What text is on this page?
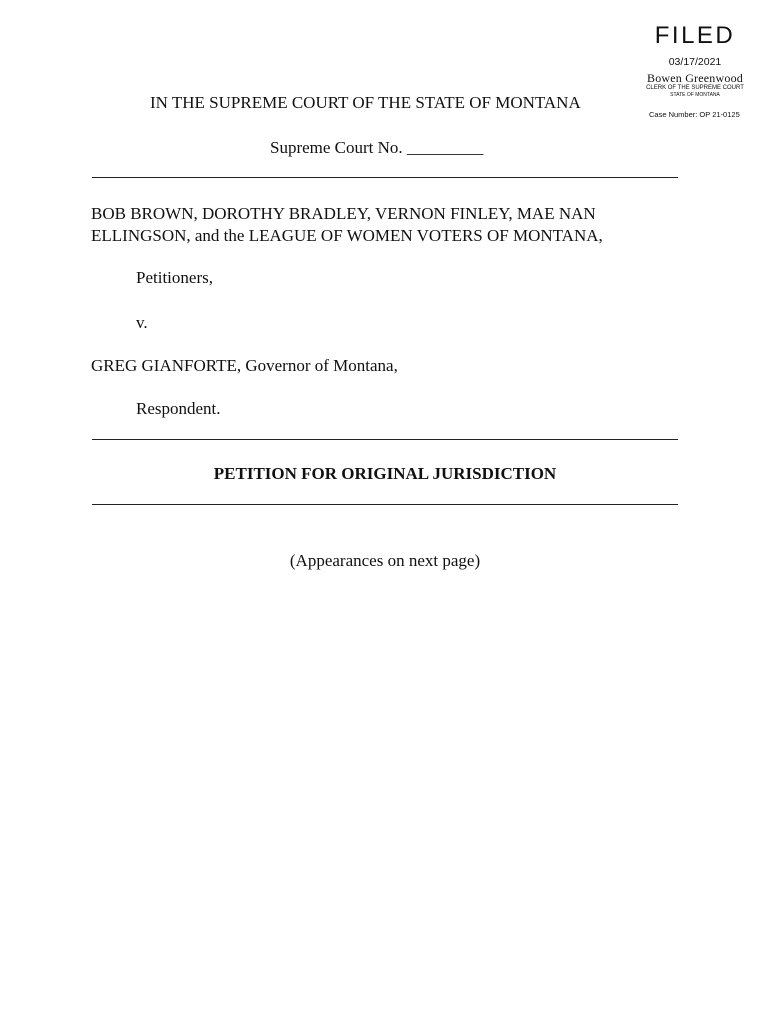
FILED
03/17/2021
Bowen Greenwood
CLERK OF THE SUPREME COURT
STATE OF MONTANA
Case Number: OP 21-0125
IN THE SUPREME COURT OF THE STATE OF MONTANA
Supreme Court No. _________
BOB BROWN, DOROTHY BRADLEY, VERNON FINLEY, MAE NAN ELLINGSON, and the LEAGUE OF WOMEN VOTERS OF MONTANA,
Petitioners,
v.
GREG GIANFORTE, Governor of Montana,
Respondent.
PETITION FOR ORIGINAL JURISDICTION
(Appearances on next page)
